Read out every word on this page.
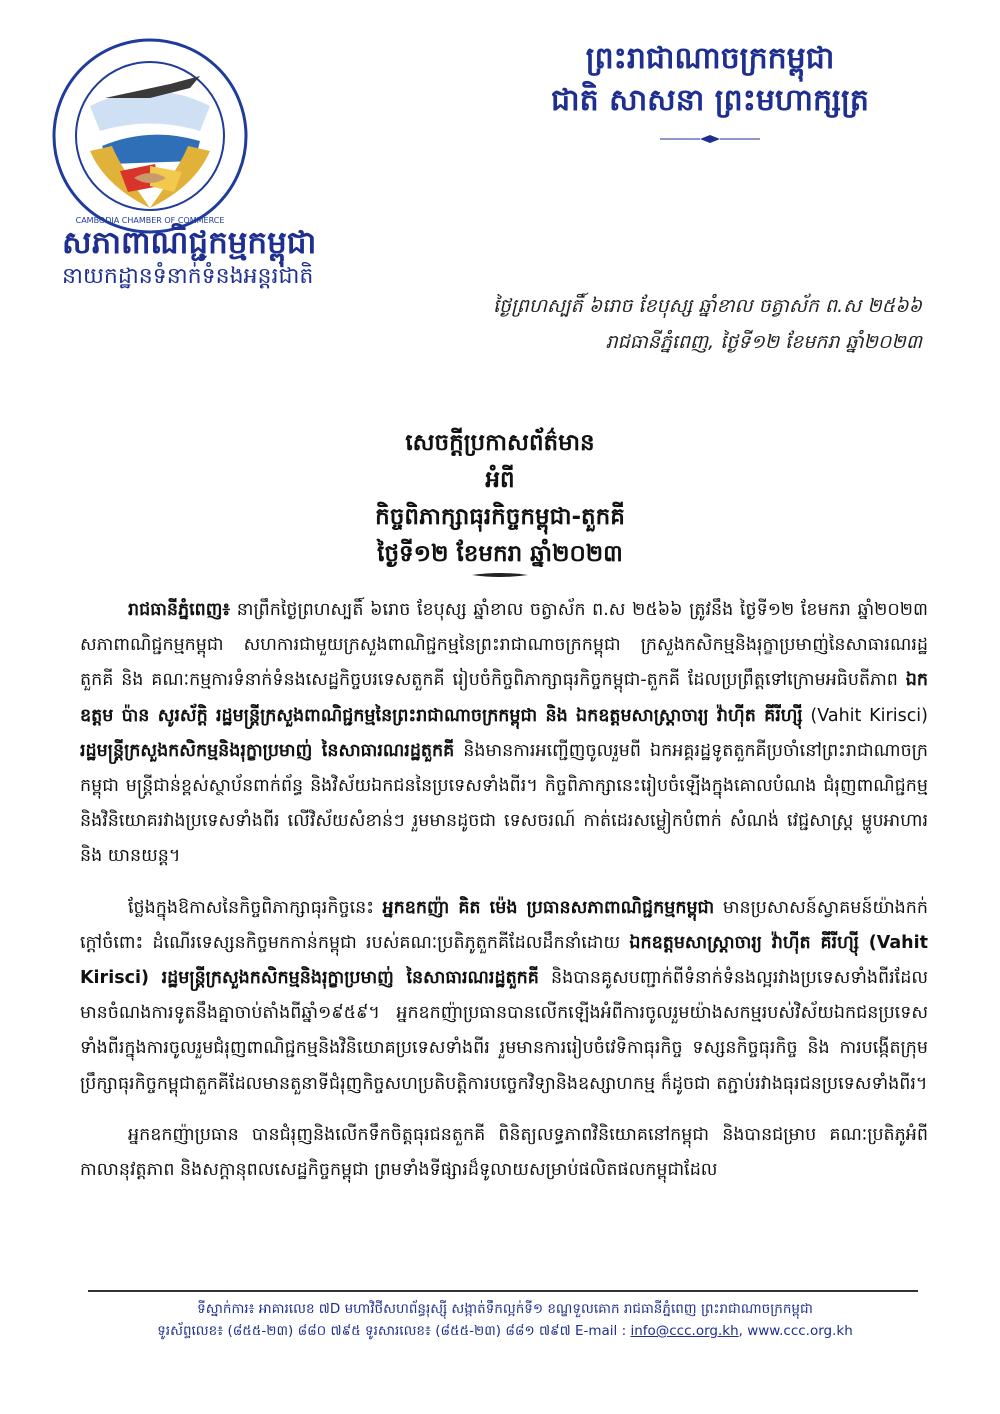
CAMBODIA CHAMBER OF COMMERCE
ព្រះរាជាណាចក្រកម្ពុជា
ជាតិ សាសនា ព្រះមហាក្សត្រ
សភាពាណិជ្ជកម្មកម្ពុជា
នាយកដ្ឋានទំនាក់ទំនងអន្តរជាតិ
ថ្ងៃព្រហស្បតិ៍ ៦រោច ខែបុស្ស ឆ្នាំខាល ចត្វាស័ក ព.ស ២៥៦៦
រាជធានីភ្នំពេញ, ថ្ងៃទី១២ ខែមករា ឆ្នាំ២០២៣
សេចក្តីប្រកាសព័ត៌មាន
អំពី
កិច្ចពិភាក្សាធុរកិច្ចកម្ពុជា-តួកគី
ថ្ងៃទី១២ ខែមករា ឆ្នាំ២០២៣

រាជធានីភ្នំពេញ៖ នាព្រឹកថ្ងៃព្រហស្បតិ៍ ៦រោច ខែបុស្ស ឆ្នាំខាល ចត្វាស័ក ព.ស ២៥៦៦ ត្រូវនឹង ថ្ងៃទី១២ ខែមករា ឆ្នាំ២០២៣ សភាពាណិជ្ជកម្មកម្ពុជា សហការជាមួយក្រសួងពាណិជ្ជកម្មនៃព្រះរាជាណាចក្រកម្ពុជា ក្រសួងកសិកម្មនិងរុក្ខាប្រមាញ់នៃសាធារណរដ្ឋតួកគី និង គណៈកម្មការទំនាក់ទំនងសេដ្ឋកិច្ចបរទេសតួកគី រៀបចំកិច្ចពិភាក្សាធុរកិច្ចកម្ពុជា-តួកគី ដែលប្រព្រឹត្តទៅក្រោមអធិបតីភាព ឯកឧត្តម ប៉ាន សូរស័ក្តិ រដ្ឋមន្ត្រីក្រសួងពាណិជ្ជកម្មនៃព្រះរាជាណាចក្រកម្ពុជា និង ឯកឧត្តមសាស្ត្រាចារ្យ វ៉ាហ៊ីត គីរីហ្ស៊ី (Vahit Kirisci) រដ្ឋមន្ត្រីក្រសួងកសិកម្មនិងរុក្ខាប្រមាញ់ នៃសាធារណរដ្ឋតួកគី និងមានការអញ្ជើញចូលរួមពី ឯកអគ្គរដ្ឋទូតតួកគីប្រចាំនៅព្រះរាជាណាចក្រកម្ពុជា មន្ត្រីជាន់ខ្ពស់ស្ថាប័នពាក់ព័ន្ធ និងវិស័យឯកជននៃប្រទេសទាំងពីរ។ កិច្ចពិភាក្សានេះរៀបចំឡើងក្នុងគោលបំណង ជំរុញពាណិជ្ជកម្មនិងវិនិយោគរវាងប្រទេសទាំងពីរ លើវិស័យសំខាន់ៗ រួមមានដូចជា ទេសចរណ៍ កាត់ដេរសម្លៀកបំពាក់ សំណង់ វេជ្ជសាស្ត្រ ម្ហូបអាហារ និង យានយន្ត។

ថ្លែងក្នុងឱកាសនៃកិច្ចពិភាក្សាធុរកិច្ចនេះ អ្នកឧកញ៉ា គិត ម៉េង ប្រធានសភាពាណិជ្ជកម្មកម្ពុជា មានប្រសាសន៍ស្វាគមន៍យ៉ាងកក់ក្តៅចំពោះ ដំណើរទេស្សនកិច្ចមកកាន់កម្ពុជា របស់គណៈប្រតិភូតួកគីដែលដឹកនាំដោយ ឯកឧត្តមសាស្ត្រាចារ្យ វ៉ាហ៊ីត គីរីហ្ស៊ី (Vahit Kirisci) រដ្ឋមន្ត្រីក្រសួងកសិកម្មនិងរុក្ខាប្រមាញ់ នៃសាធារណរដ្ឋតួកគី និងបានគូសបញ្ជាក់ពីទំនាក់ទំនងល្អរវាងប្រទេសទាំងពីរដែលមានចំណងការទូតនឹងគ្នាចាប់តាំងពីឆ្នាំ១៩៥៩។ អ្នកឧកញ៉ាប្រធានបានលើកឡើងអំពីការចូលរួមយ៉ាងសកម្មរបស់វិស័យឯកជនប្រទេសទាំងពីរក្នុងការចូលរួមជំរុញពាណិជ្ជកម្មនិងវិនិយោគប្រទេសទាំងពីរ រួមមានការរៀបចំវេទិកាធុរកិច្ច ទស្សនកិច្ចធុរកិច្ច និង ការបង្កើតក្រុមប្រឹក្សាធុរកិច្ចកម្ពុជាតួកគីដែលមានតួនាទីជំរុញកិច្ចសហប្រតិបត្តិការបច្ចេកវិទ្យានិងឧស្សាហកម្ម ក៏ដូចជា តភ្ជាប់រវាងធុរជនប្រទេសទាំងពីរ។

អ្នកឧកញ៉ាប្រធាន បានជំរុញនិងលើកទឹកចិត្តធុរជនតួកគី ពិនិត្យលទ្ធភាពវិនិយោគនៅកម្ពុជា និងបានជម្រាប គណៈប្រតិភូអំពីកាលានុវត្តភាព និងសក្តានុពលសេដ្ឋកិច្ចកម្ពុជា ព្រមទាំងទីផ្សារដ៏ទូលាយសម្រាប់ផលិតផលកម្ពុជាដែល

ទីស្នាក់ការ៖ អាគារលេខ ៧D មហាវិថីសហព័ន្ធរុស្ស៊ី សង្កាត់ទឹកល្អក់ទី១ ខណ្ឌទួលគោក រាជធានីភ្នំពេញ ព្រះរាជាណាចក្រកម្ពុជា
ទូរស័ព្ទលេខ៖ (៨៥៥-២៣) ៨៨០ ៧៩៥ ទូរសារលេខ៖ (៨៥៥-២៣) ៨៨១ ៧៩៧ E-mail : info@ccc.org.kh, www.ccc.org.kh
